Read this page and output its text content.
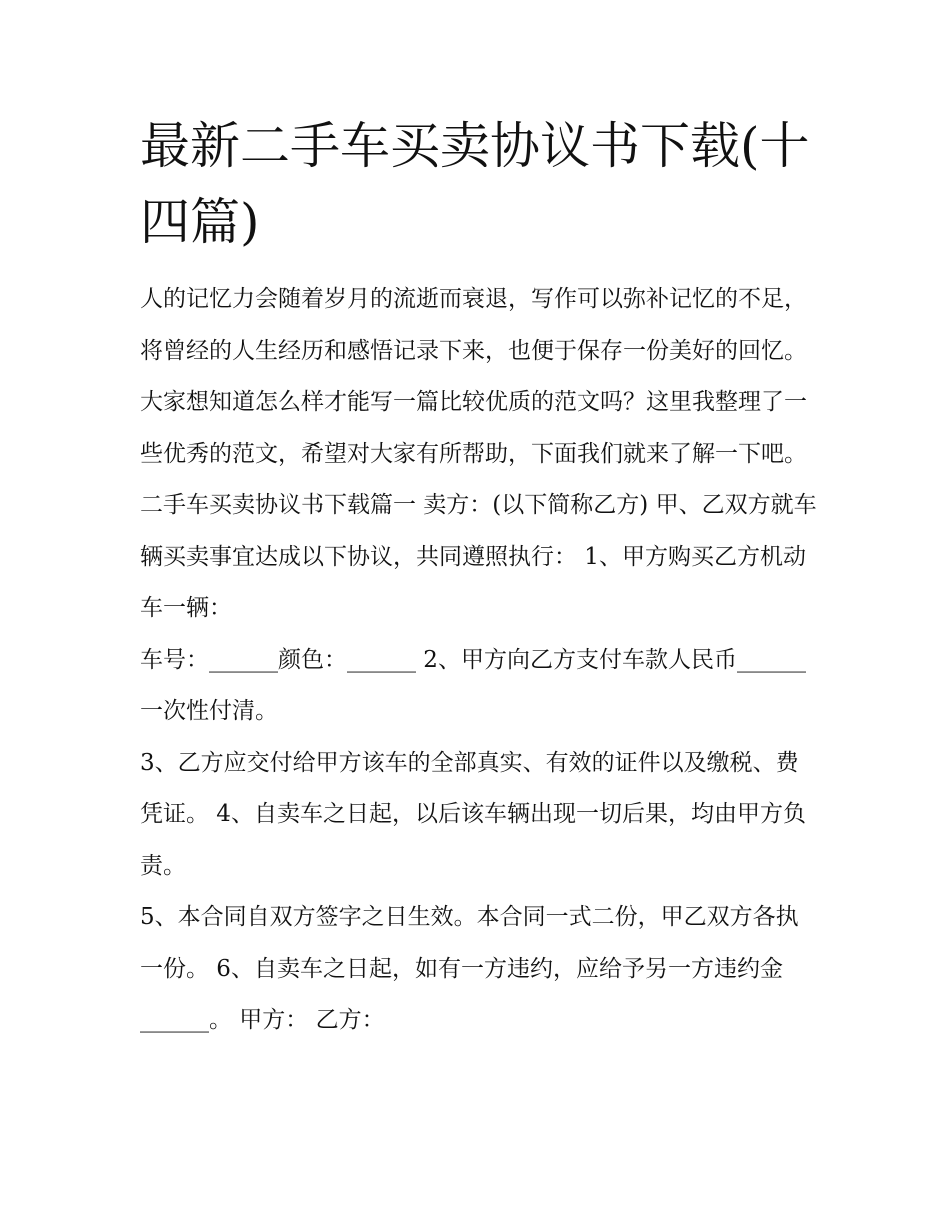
最新二手车买卖协议书下载(十四篇)

人的记忆力会随着岁月的流逝而衰退，写作可以弥补记忆的不足，将曾经的人生经历和感悟记录下来，也便于保存一份美好的回忆。大家想知道怎么样才能写一篇比较优质的范文吗？这里我整理了一些优秀的范文，希望对大家有所帮助，下面我们就来了解一下吧。

二手车买卖协议书下载篇一 卖方：(以下简称乙方) 甲、乙双方就车辆买卖事宜达成以下协议，共同遵照执行： 1、甲方购买乙方机动车一辆：

车号：______颜色：______ 2、甲方向乙方支付车款人民币______一次性付清。

3、乙方应交付给甲方该车的全部真实、有效的证件以及缴税、费凭证。 4、自卖车之日起，以后该车辆出现一切后果，均由甲方负责。

5、本合同自双方签字之日生效。本合同一式二份，甲乙双方各执一份。 6、自卖车之日起，如有一方违约，应给予另一方违约金______。 甲方： 乙方：
